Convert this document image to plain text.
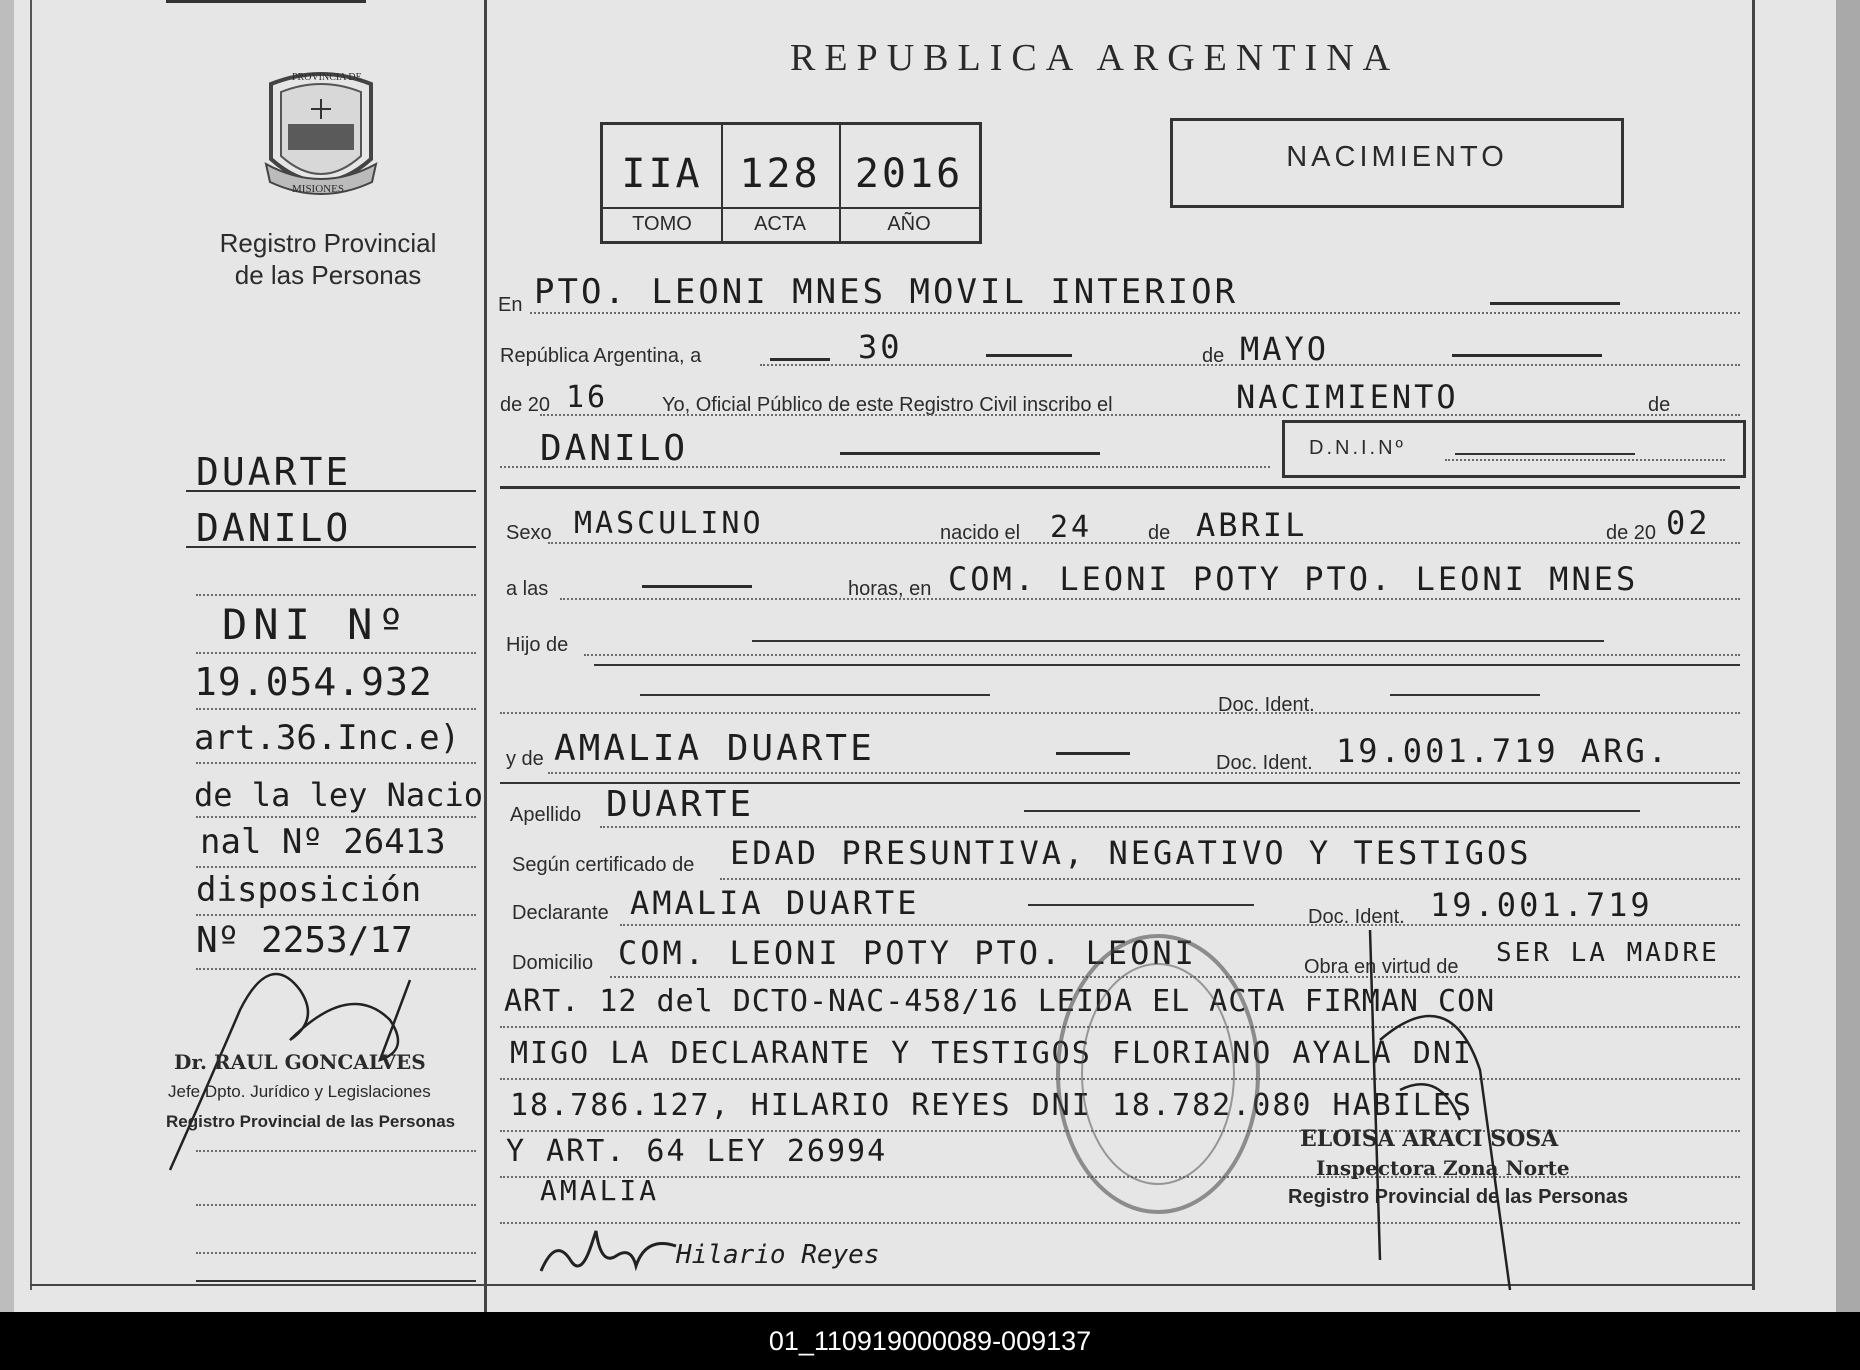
REPUBLICA ARGENTINA
PROVINCIA DE
MISIONES
Registro Provincial
de las Personas
IIA 128 2016
TOMO	ACTA	AÑO
NACIMIENTO
En PTO. LEONI MNES MOVIL INTERIOR
República Argentina, a	30	de MAYO
de 20 16	Yo, Oficial Público de este Registro Civil inscribo el	NACIMIENTO	de
DANILO	D.N.I.Nº
Sexo MASCULINO	nacido el 24	de ABRIL	de 20 02
a las	horas, en COM. LEONI POTY PTO. LEONI MNES
Hijo de
Doc. Ident.
y de AMALIA DUARTE	Doc. Ident. 19.001.719 ARG.
Apellido DUARTE
Según certificado de EDAD PRESUNTIVA, NEGATIVO Y TESTIGOS
Declarante AMALIA DUARTE	Doc. Ident. 19.001.719
Domicilio COM. LEONI POTY PTO. LEONI	Obra en virtud de SER LA MADRE
ART. 12 del DCTO-NAC-458/16 LEIDA EL ACTA FIRMAN CON
MIGO LA DECLARANTE Y TESTIGOS FLORIANO AYALA DNI
18.786.127, HILARIO REYES DNI 18.782.080 HABILES
Y ART. 64 LEY 26994
AMALIA
Hilario Reyes
ELOISA ARACI SOSA
Inspectora Zona Norte
Registro Provincial de las Personas
DUARTE
DANILO
DNI Nº
19.054.932
art.36.Inc.e)
de la ley Nacio
nal Nº 26413
disposición
Nº 2253/17
Dr. RAUL GONCALVES
Jefe Dpto. Jurídico y Legislaciones
Registro Provincial de las Personas
01_110919000089-009137
